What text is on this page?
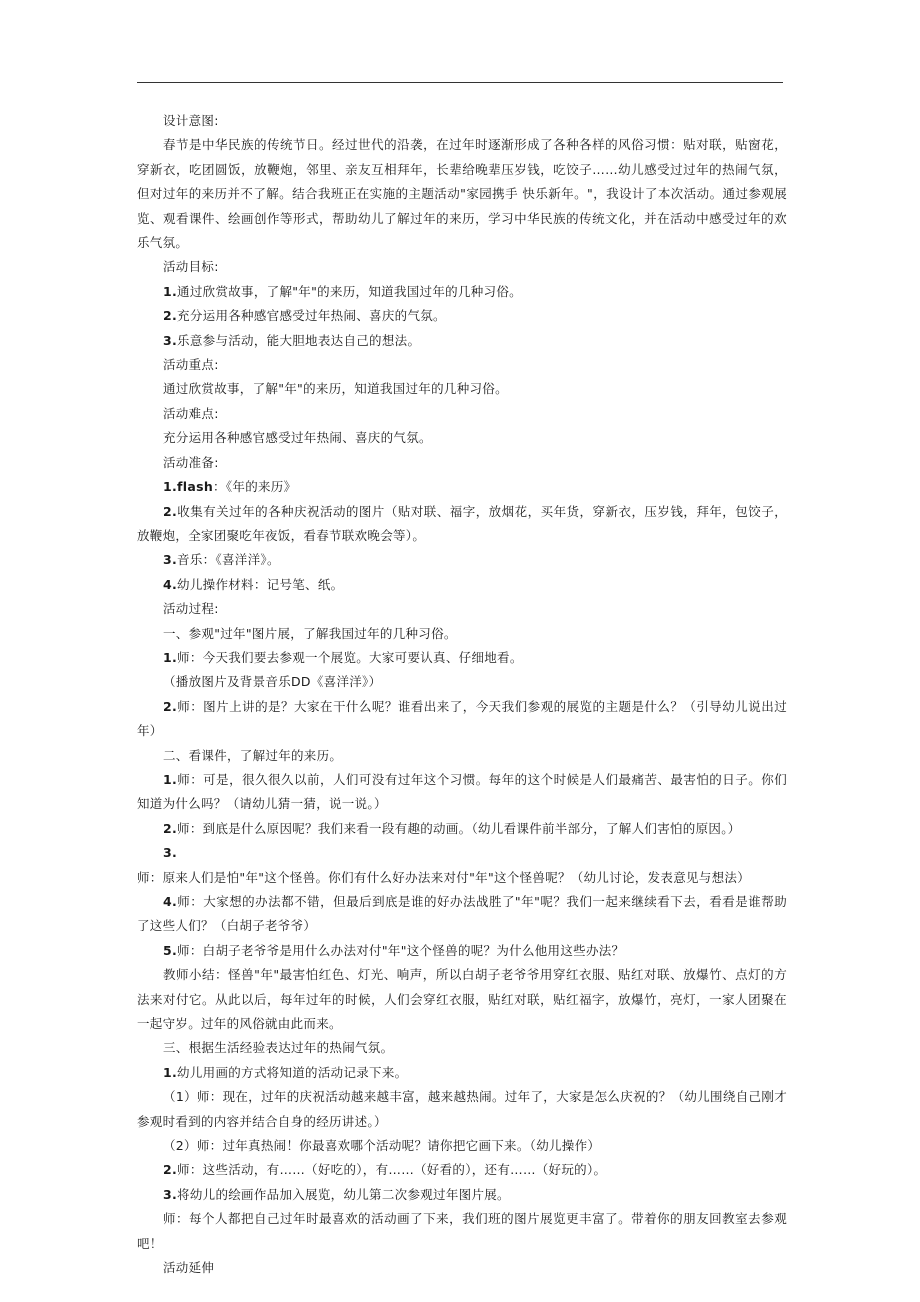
设计意图:

春节是中华民族的传统节日。经过世代的沿袭，在过年时逐渐形成了各种各样的风俗习惯：贴对联，贴窗花，穿新衣，吃团圆饭，放鞭炮，邻里、亲友互相拜年，长辈给晚辈压岁钱，吃饺子……幼儿感受过过年的热闹气氛，但对过年的来历并不了解。结合我班正在实施的主题活动"家园携手 快乐新年。"，我设计了本次活动。通过参观展览、观看课件、绘画创作等形式，帮助幼儿了解过年的来历，学习中华民族的传统文化，并在活动中感受过年的欢乐气氛。

活动目标:

1.通过欣赏故事，了解"年"的来历，知道我国过年的几种习俗。

2.充分运用各种感官感受过年热闹、喜庆的气氛。

3.乐意参与活动，能大胆地表达自己的想法。

活动重点:

通过欣赏故事，了解"年"的来历，知道我国过年的几种习俗。

活动难点:

充分运用各种感官感受过年热闹、喜庆的气氛。

活动准备:

1.flash：《年的来历》

2.收集有关过年的各种庆祝活动的图片（贴对联、福字，放烟花，买年货，穿新衣，压岁钱，拜年，包饺子，放鞭炮，全家团聚吃年夜饭，看春节联欢晚会等）。

3.音乐：《喜洋洋》。

4.幼儿操作材料：记号笔、纸。

活动过程:

一、参观"过年"图片展，了解我国过年的几种习俗。

1.师：今天我们要去参观一个展览。大家可要认真、仔细地看。

（播放图片及背景音乐DD《喜洋洋》）

2.师：图片上讲的是？大家在干什么呢？谁看出来了，今天我们参观的展览的主题是什么？（引导幼儿说出过年）

二、看课件，了解过年的来历。

1.师：可是，很久很久以前，人们可没有过年这个习惯。每年的这个时候是人们最痛苦、最害怕的日子。你们知道为什么吗？（请幼儿猜一猜，说一说。）

2.师：到底是什么原因呢？我们来看一段有趣的动画。（幼儿看课件前半部分，了解人们害怕的原因。）

3.师：原来人们是怕"年"这个怪兽。你们有什么好办法来对付"年"这个怪兽呢？（幼儿讨论，发表意见与想法）

4.师：大家想的办法都不错，但最后到底是谁的好办法战胜了"年"呢？我们一起来继续看下去，看看是谁帮助了这些人们？（白胡子老爷爷）

5.师：白胡子老爷爷是用什么办法对付"年"这个怪兽的呢？为什么他用这些办法？

教师小结：怪兽"年"最害怕红色、灯光、响声，所以白胡子老爷爷用穿红衣服、贴红对联、放爆竹、点灯的方法来对付它。从此以后，每年过年的时候，人们会穿红衣服，贴红对联，贴红福字，放爆竹，亮灯，一家人团聚在一起守岁。过年的风俗就由此而来。

三、根据生活经验表达过年的热闹气氛。

1.幼儿用画的方式将知道的活动记录下来。

（1）师：现在，过年的庆祝活动越来越丰富，越来越热闹。过年了，大家是怎么庆祝的？（幼儿围绕自己刚才参观时看到的内容并结合自身的经历讲述。）

（2）师：过年真热闹！你最喜欢哪个活动呢？请你把它画下来。（幼儿操作）

2.师：这些活动，有……（好吃的），有……（好看的），还有……（好玩的）。

3.将幼儿的绘画作品加入展览，幼儿第二次参观过年图片展。

师：每个人都把自己过年时最喜欢的活动画了下来，我们班的图片展览更丰富了。带着你的朋友回教室去参观吧！

活动延伸
